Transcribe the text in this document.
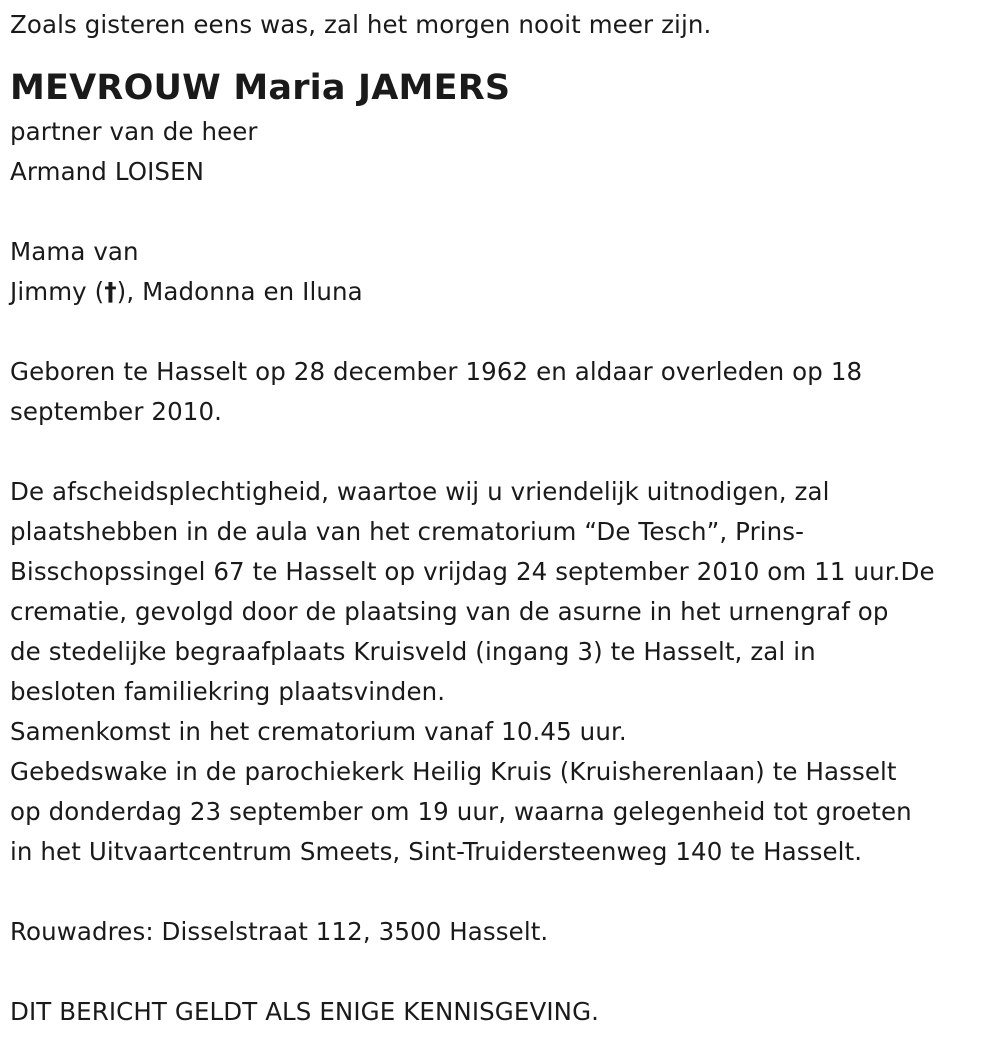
Zoals gisteren eens was, zal het morgen nooit meer zijn.
MEVROUW Maria JAMERS
partner van de heer
Armand LOISEN
Mama van
Jimmy (†), Madonna en Iluna
Geboren te Hasselt op 28 december 1962 en aldaar overleden op 18
september 2010.
De afscheidsplechtigheid, waartoe wij u vriendelijk uitnodigen, zal
plaatshebben in de aula van het crematorium “De Tesch”, Prins-
Bisschopssingel 67 te Hasselt op vrijdag 24 september 2010 om 11 uur.De
crematie, gevolgd door de plaatsing van de asurne in het urnengraf op
de stedelijke begraafplaats Kruisveld (ingang 3) te Hasselt, zal in
besloten familiekring plaatsvinden.
Samenkomst in het crematorium vanaf 10.45 uur.
Gebedswake in de parochiekerk Heilig Kruis (Kruisherenlaan) te Hasselt
op donderdag 23 september om 19 uur, waarna gelegenheid tot groeten
in het Uitvaartcentrum Smeets, Sint-Truidersteenweg 140 te Hasselt.
Rouwadres: Disselstraat 112, 3500 Hasselt.
DIT BERICHT GELDT ALS ENIGE KENNISGEVING.
